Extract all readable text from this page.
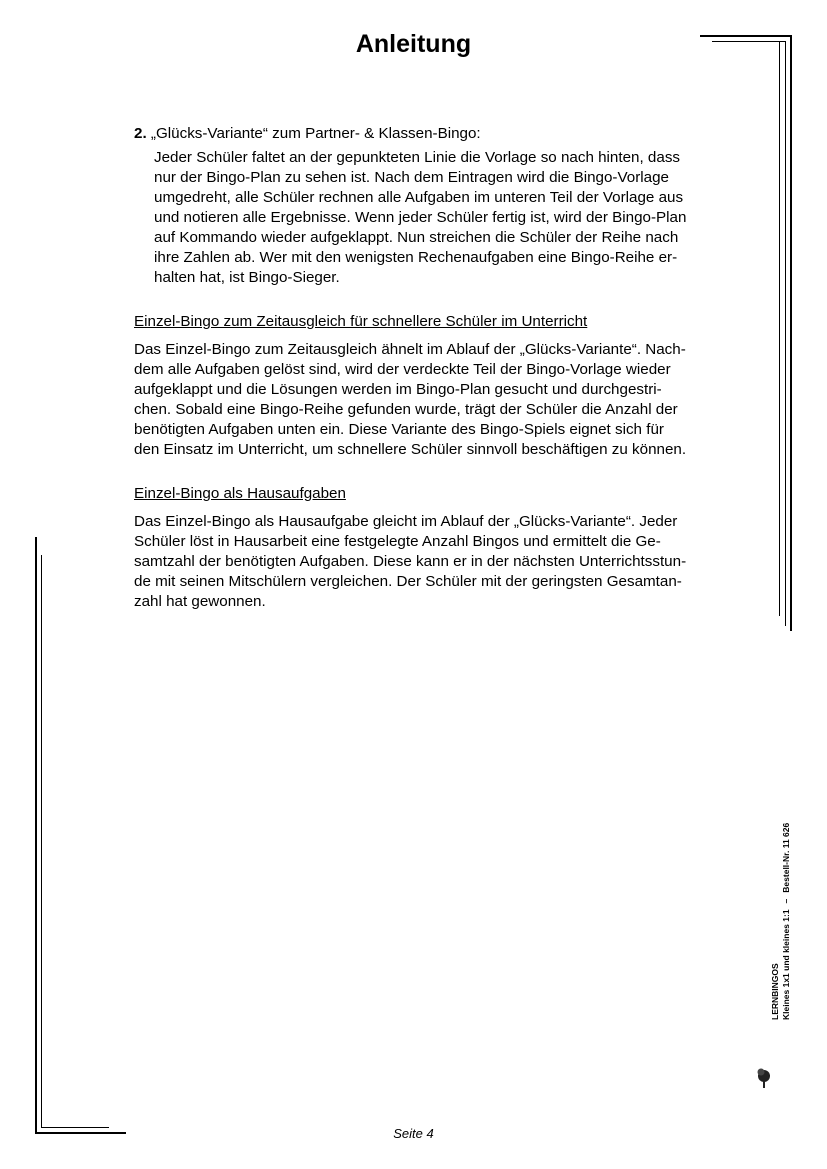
Anleitung

2. „Glücks-Variante“ zum Partner- & Klassen-Bingo:

Jeder Schüler faltet an der gepunkteten Linie die Vorlage so nach hinten, dass
nur der Bingo-Plan zu sehen ist. Nach dem Eintragen wird die Bingo-Vorlage
umgedreht, alle Schüler rechnen alle Aufgaben im unteren Teil der Vorlage aus
und notieren alle Ergebnisse. Wenn jeder Schüler fertig ist, wird der Bingo-Plan
auf Kommando wieder aufgeklappt. Nun streichen die Schüler der Reihe nach
ihre Zahlen ab. Wer mit den wenigsten Rechenaufgaben eine Bingo-Reihe er-
halten hat, ist Bingo-Sieger.

Einzel-Bingo zum Zeitausgleich für schnellere Schüler im Unterricht

Das Einzel-Bingo zum Zeitausgleich ähnelt im Ablauf der „Glücks-Variante“. Nach-
dem alle Aufgaben gelöst sind, wird der verdeckte Teil der Bingo-Vorlage wieder
aufgeklappt und die Lösungen werden im Bingo-Plan gesucht und durchgestri-
chen. Sobald eine Bingo-Reihe gefunden wurde, trägt der Schüler die Anzahl der
benötigten Aufgaben unten ein. Diese Variante des Bingo-Spiels eignet sich für
den Einsatz im Unterricht, um schnellere Schüler sinnvoll beschäftigen zu können.

Einzel-Bingo als Hausaufgaben

Das Einzel-Bingo als Hausaufgabe gleicht im Ablauf der „Glücks-Variante“. Jeder
Schüler löst in Hausarbeit eine festgelegte Anzahl Bingos und ermittelt die Ge-
samtzahl der benötigten Aufgaben. Diese kann er in der nächsten Unterrichtsstun-
de mit seinen Mitschülern vergleichen. Der Schüler mit der geringsten Gesamtan-
zahl hat gewonnen.
LERNBINGOS Kleines 1x1 und kleines 1:1
–
Bestell-Nr. 11 626
Seite 4
